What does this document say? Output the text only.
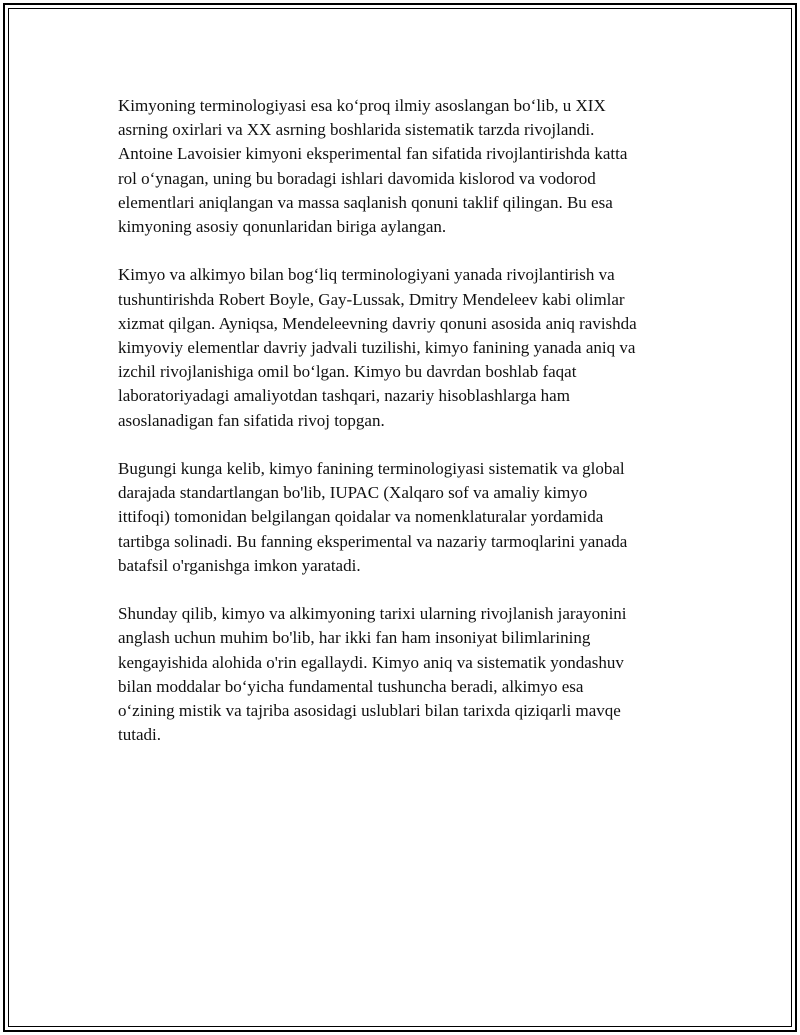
Kimyoning terminologiyasi esa ko‘proq ilmiy asoslangan bo‘lib, u XIX
asrning oxirlari va XX asrning boshlarida sistematik tarzda rivojlandi.
Antoine Lavoisier kimyoni eksperimental fan sifatida rivojlantirishda katta
rol o‘ynagan, uning bu boradagi ishlari davomida kislorod va vodorod
elementlari aniqlangan va massa saqlanish qonuni taklif qilingan. Bu esa
kimyoning asosiy qonunlaridan biriga aylangan.

Kimyo va alkimyo bilan bog‘liq terminologiyani yanada rivojlantirish va
tushuntirishda Robert Boyle, Gay-Lussak, Dmitry Mendeleev kabi olimlar
xizmat qilgan. Ayniqsa, Mendeleevning davriy qonuni asosida aniq ravishda
kimyoviy elementlar davriy jadvali tuzilishi, kimyo fanining yanada aniq va
izchil rivojlanishiga omil bo‘lgan. Kimyo bu davrdan boshlab faqat
laboratoriyadagi amaliyotdan tashqari, nazariy hisoblashlarga ham
asoslanadigan fan sifatida rivoj topgan.

Bugungi kunga kelib, kimyo fanining terminologiyasi sistematik va global
darajada standartlangan bo'lib, IUPAC (Xalqaro sof va amaliy kimyo
ittifoqi) tomonidan belgilangan qoidalar va nomenklaturalar yordamida
tartibga solinadi. Bu fanning eksperimental va nazariy tarmoqlarini yanada
batafsil o'rganishga imkon yaratadi.

Shunday qilib, kimyo va alkimyoning tarixi ularning rivojlanish jarayonini
anglash uchun muhim bo'lib, har ikki fan ham insoniyat bilimlarining
kengayishida alohida o'rin egallaydi. Kimyo aniq va sistematik yondashuv
bilan moddalar bo‘yicha fundamental tushuncha beradi, alkimyo esa
o‘zining mistik va tajriba asosidagi uslublari bilan tarixda qiziqarli mavqe
tutadi.
